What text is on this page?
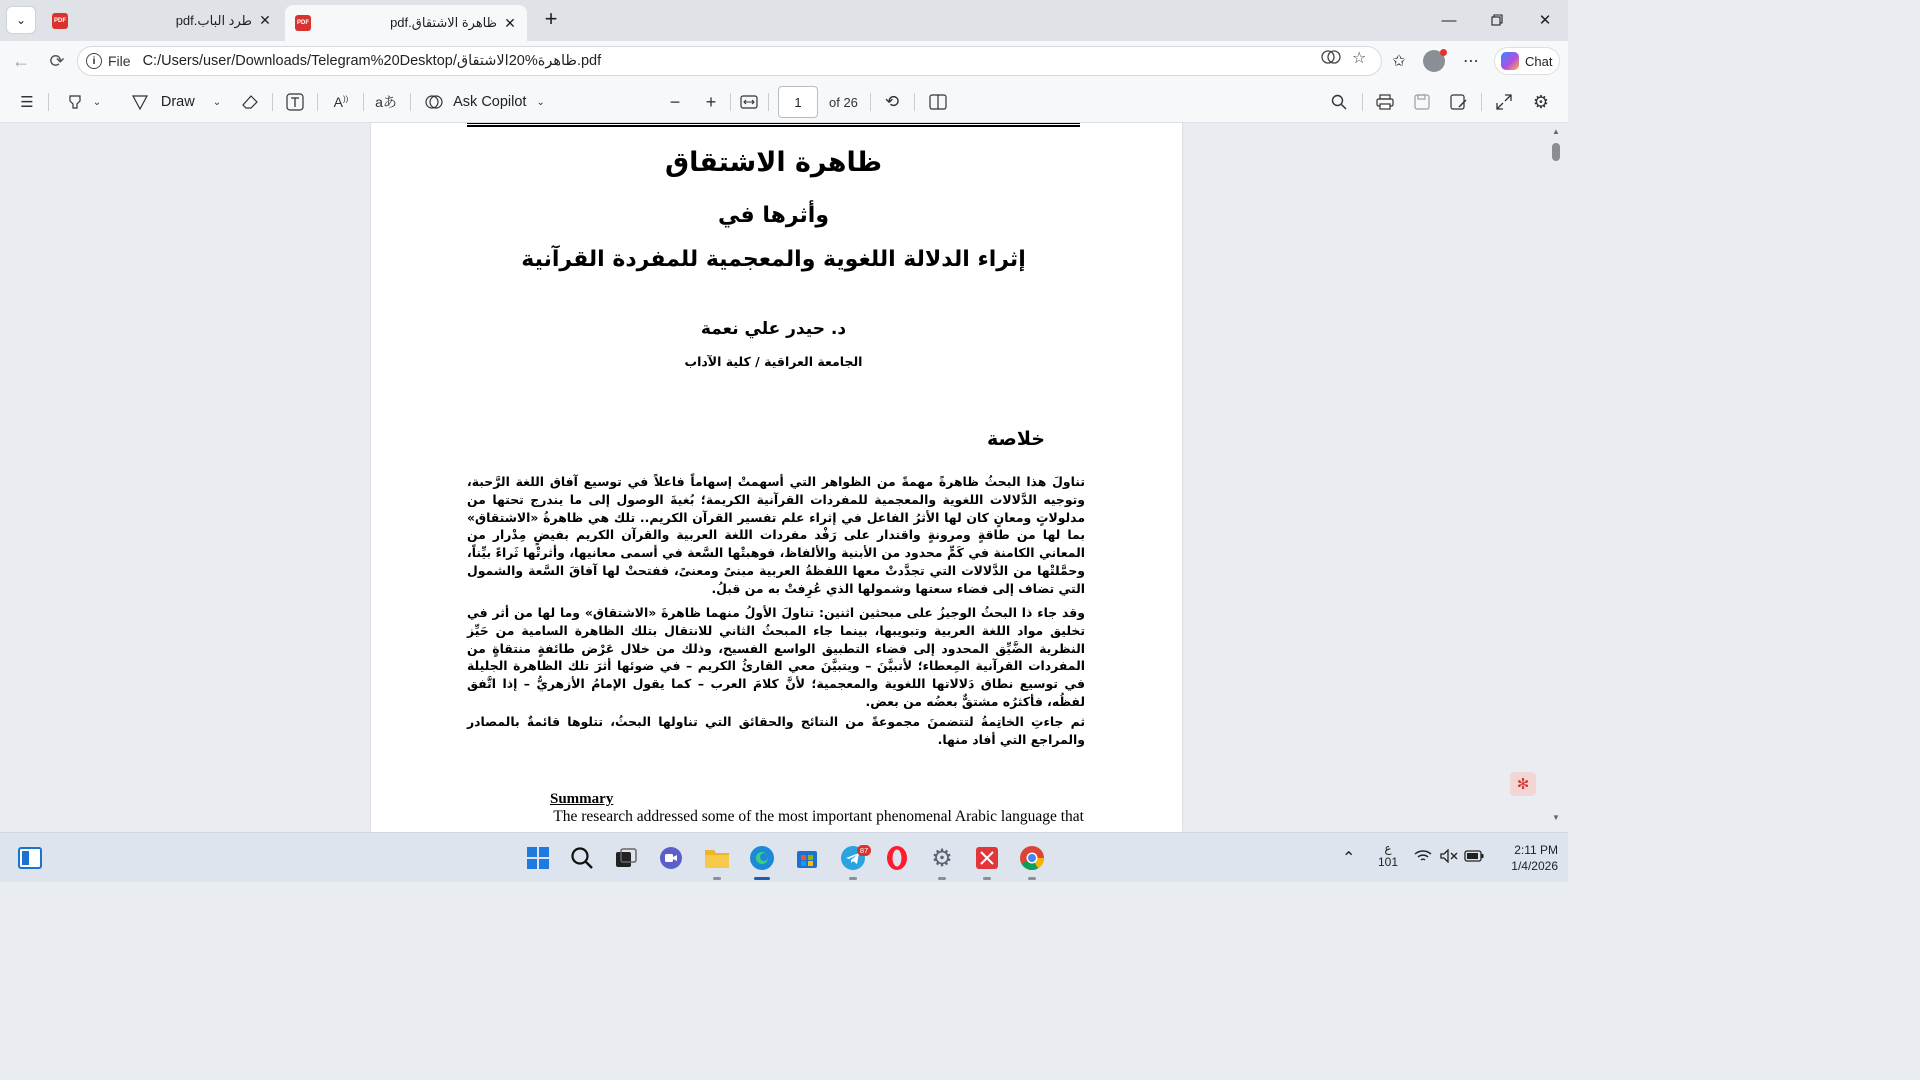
⌄	PDF	طرد الباب.pdf ✕	PDF	ظاهرة الاشتقاق.pdf ✕ +	—	✕
← ⟳	i File C:/Users/user/Downloads/Telegram%20Desktop/ظاهرة%20الاشتقاق.pdf	☆ ✩	⋯	Chat
☰	⌄	Draw ⌄	A)) aあ	Ask Copilot ⌄	− +	1	of 26 ⟲	⚙
ظاهرة الاشتقاق
وأثرها في
إثراء الدلالة اللغوية والمعجمية للمفردة القرآنية
د. حيدر علي نعمة
الجامعة العراقية / كلية الآداب
خلاصة

تناولَ هذا البحثُ ظاهرةً مهمةً من الظواهر التي أسهمتْ إسهاماً فاعلاً في توسيع آفاق اللغة الرَّحبة، وتوجيه الدَّلالات اللغوية والمعجمية للمفردات القرآنية الكريمة؛ بُغيةَ الوصول إلى ما يندرج تحتها من مدلولاتٍ ومعانٍ كان لها الأثرُ الفاعل في إثراء علم تفسير القرآن الكريم.. تلك هي ظاهرةُ «الاشتقاق» بما لها من طاقةٍ ومرونةٍ واقتدار على رَفْد مفردات اللغة العربية والقرآن الكريم بفيضٍ مِدْرار من المعاني الكامنة في كَمٍّ محدود من الأبنية والألفاظ، فوهبتْها السَّعة في أسمى معانيها، وأثرتْها ثَراءً بيِّناً، وحمَّلتْها من الدَّلالات التي تجدَّدتْ معها اللفظةُ العربية مبنىً ومعنىً، ففتحتْ لها آفاقَ السَّعة والشمول التي تضاف إلى فضاء سعتها وشمولها الذي عُرِفتْ به من قبلُ.

وقد جاء ذا البحثُ الوجيزُ على مبحثين اثنين: تناولَ الأولُ منهما ظاهرةَ «الاشتقاق» وما لها من أثر في تخليق مواد اللغة العربية وتبويبها، بينما جاء المبحثُ الثاني للانتقال بتلك الظاهرة السامية من حَيِّز النظرية الضَّيِّق المحدود إلى فضاء التطبيق الواسع الفسيح، وذلك من خلال عَرْض طائفةٍ منتقاةٍ من المفردات القرآنية المِعطاء؛ لأتبيَّنَ – ويتبيَّنَ معي القارئُ الكريم – في ضوئها أثرَ تلك الظاهرة الجليلة في توسيع نطاق دَلالاتها اللغوية والمعجمية؛ لأنَّ كلامَ العرب – كما يقول الإمامُ الأزهريُّ – إذا اتَّفق لفظُه، فأكثرُه مشتقٌّ بعضُه من بعض.

ثم جاءتِ الخاتِمةُ لتتضمنَ مجموعةً من النتائج والحقائق التي تناولها البحثُ، تتلوها قائمةٌ بالمصادر والمراجع التي أفاد منها.

Summary
The research addressed some of the most important phenomenal Arabic language that
▲
▼
✻
87	⚙	⌃
ع
101
2:11 PM
1/4/2026
